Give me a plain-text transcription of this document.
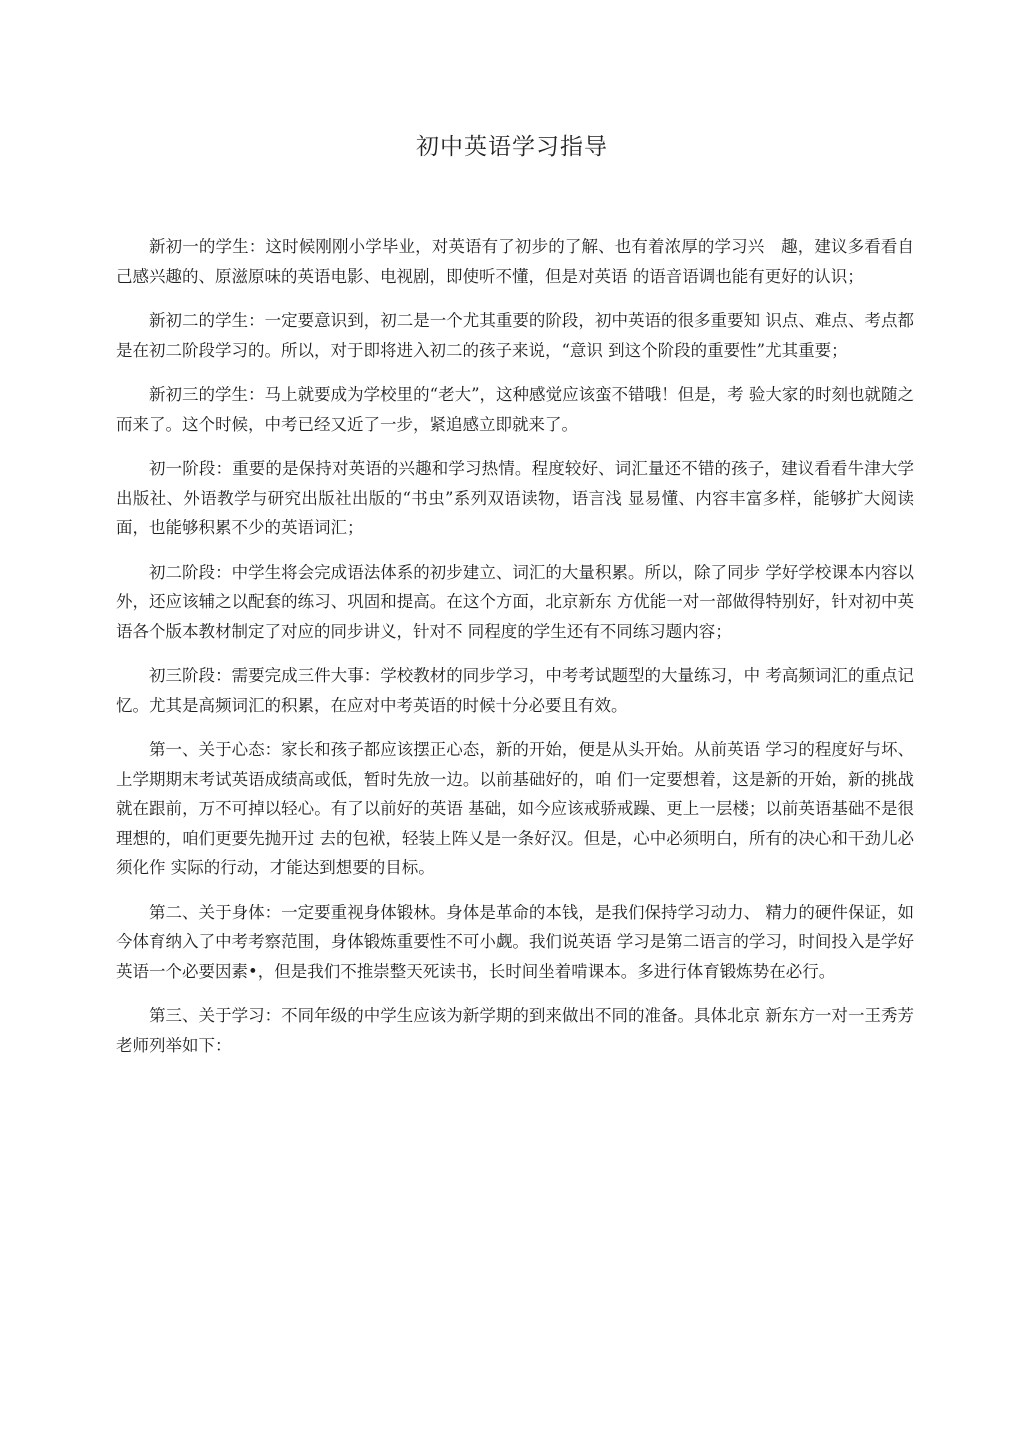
初中英语学习指导

新初一的学生：这时候刚刚小学毕业，对英语有了初步的了解、也有着浓厚的学习兴　趣，建议多看看自己感兴趣的、原滋原味的英语电影、电视剧，即使听不懂，但是对英语 的语音语调也能有更好的认识；

新初二的学生：一定要意识到，初二是一个尤其重要的阶段，初中英语的很多重要知 识点、难点、考点都是在初二阶段学习的。所以，对于即将进入初二的孩子来说，“意识 到这个阶段的重要性”尤其重要；

新初三的学生：马上就要成为学校里的“老大”，这种感觉应该蛮不错哦！但是，考 验大家的时刻也就随之而来了。这个时候，中考已经又近了一步，紧追感立即就来了。

初一阶段：重要的是保持对英语的兴趣和学习热情。程度较好、词汇量还不错的孩子，建议看看牛津大学出版社、外语教学与研究出版社出版的“书虫”系列双语读物，语言浅 显易懂、内容丰富多样，能够扩大阅读面，也能够积累不少的英语词汇；

初二阶段：中学生将会完成语法体系的初步建立、词汇的大量积累。所以，除了同步 学好学校课本内容以外，还应该辅之以配套的练习、巩固和提高。在这个方面，北京新东 方优能一对一部做得特别好，针对初中英语各个版本教材制定了对应的同步讲义，针对不 同程度的学生还有不同练习题内容；

初三阶段：需要完成三件大事：学校教材的同步学习，中考考试题型的大量练习，中 考高频词汇的重点记忆。尤其是高频词汇的积累，在应对中考英语的时候十分必要且有效。

第一、关于心态：家长和孩子都应该摆正心态，新的开始，便是从头开始。从前英语 学习的程度好与坏、上学期期末考试英语成绩高或低，暂时先放一边。以前基础好的，咱 们一定要想着，这是新的开始，新的挑战就在跟前，万不可掉以轻心。有了以前好的英语 基础，如今应该戒骄戒躁、更上一层楼；以前英语基础不是很理想的，咱们更要先抛开过 去的包袱，轻装上阵乂是一条好汉。但是，心中必须明白，所有的决心和干劲儿必须化作 实际的行动，才能达到想要的目标。

第二、关于身体：一定要重视身体锻林。身体是革命的本钱，是我们保持学习动力、 精力的硬件保证，如今体育纳入了中考考察范围，身体锻炼重要性不可小觑。我们说英语 学习是第二语言的学习，时间投入是学好英语一个必要因素•，但是我们不推崇整天死读书，长时间坐着啃课本。多进行体育锻炼势在必行。

第三、关于学习：不同年级的中学生应该为新学期的到来做出不同的准备。具体北京 新东方一对一王秀芳老师列举如下：
